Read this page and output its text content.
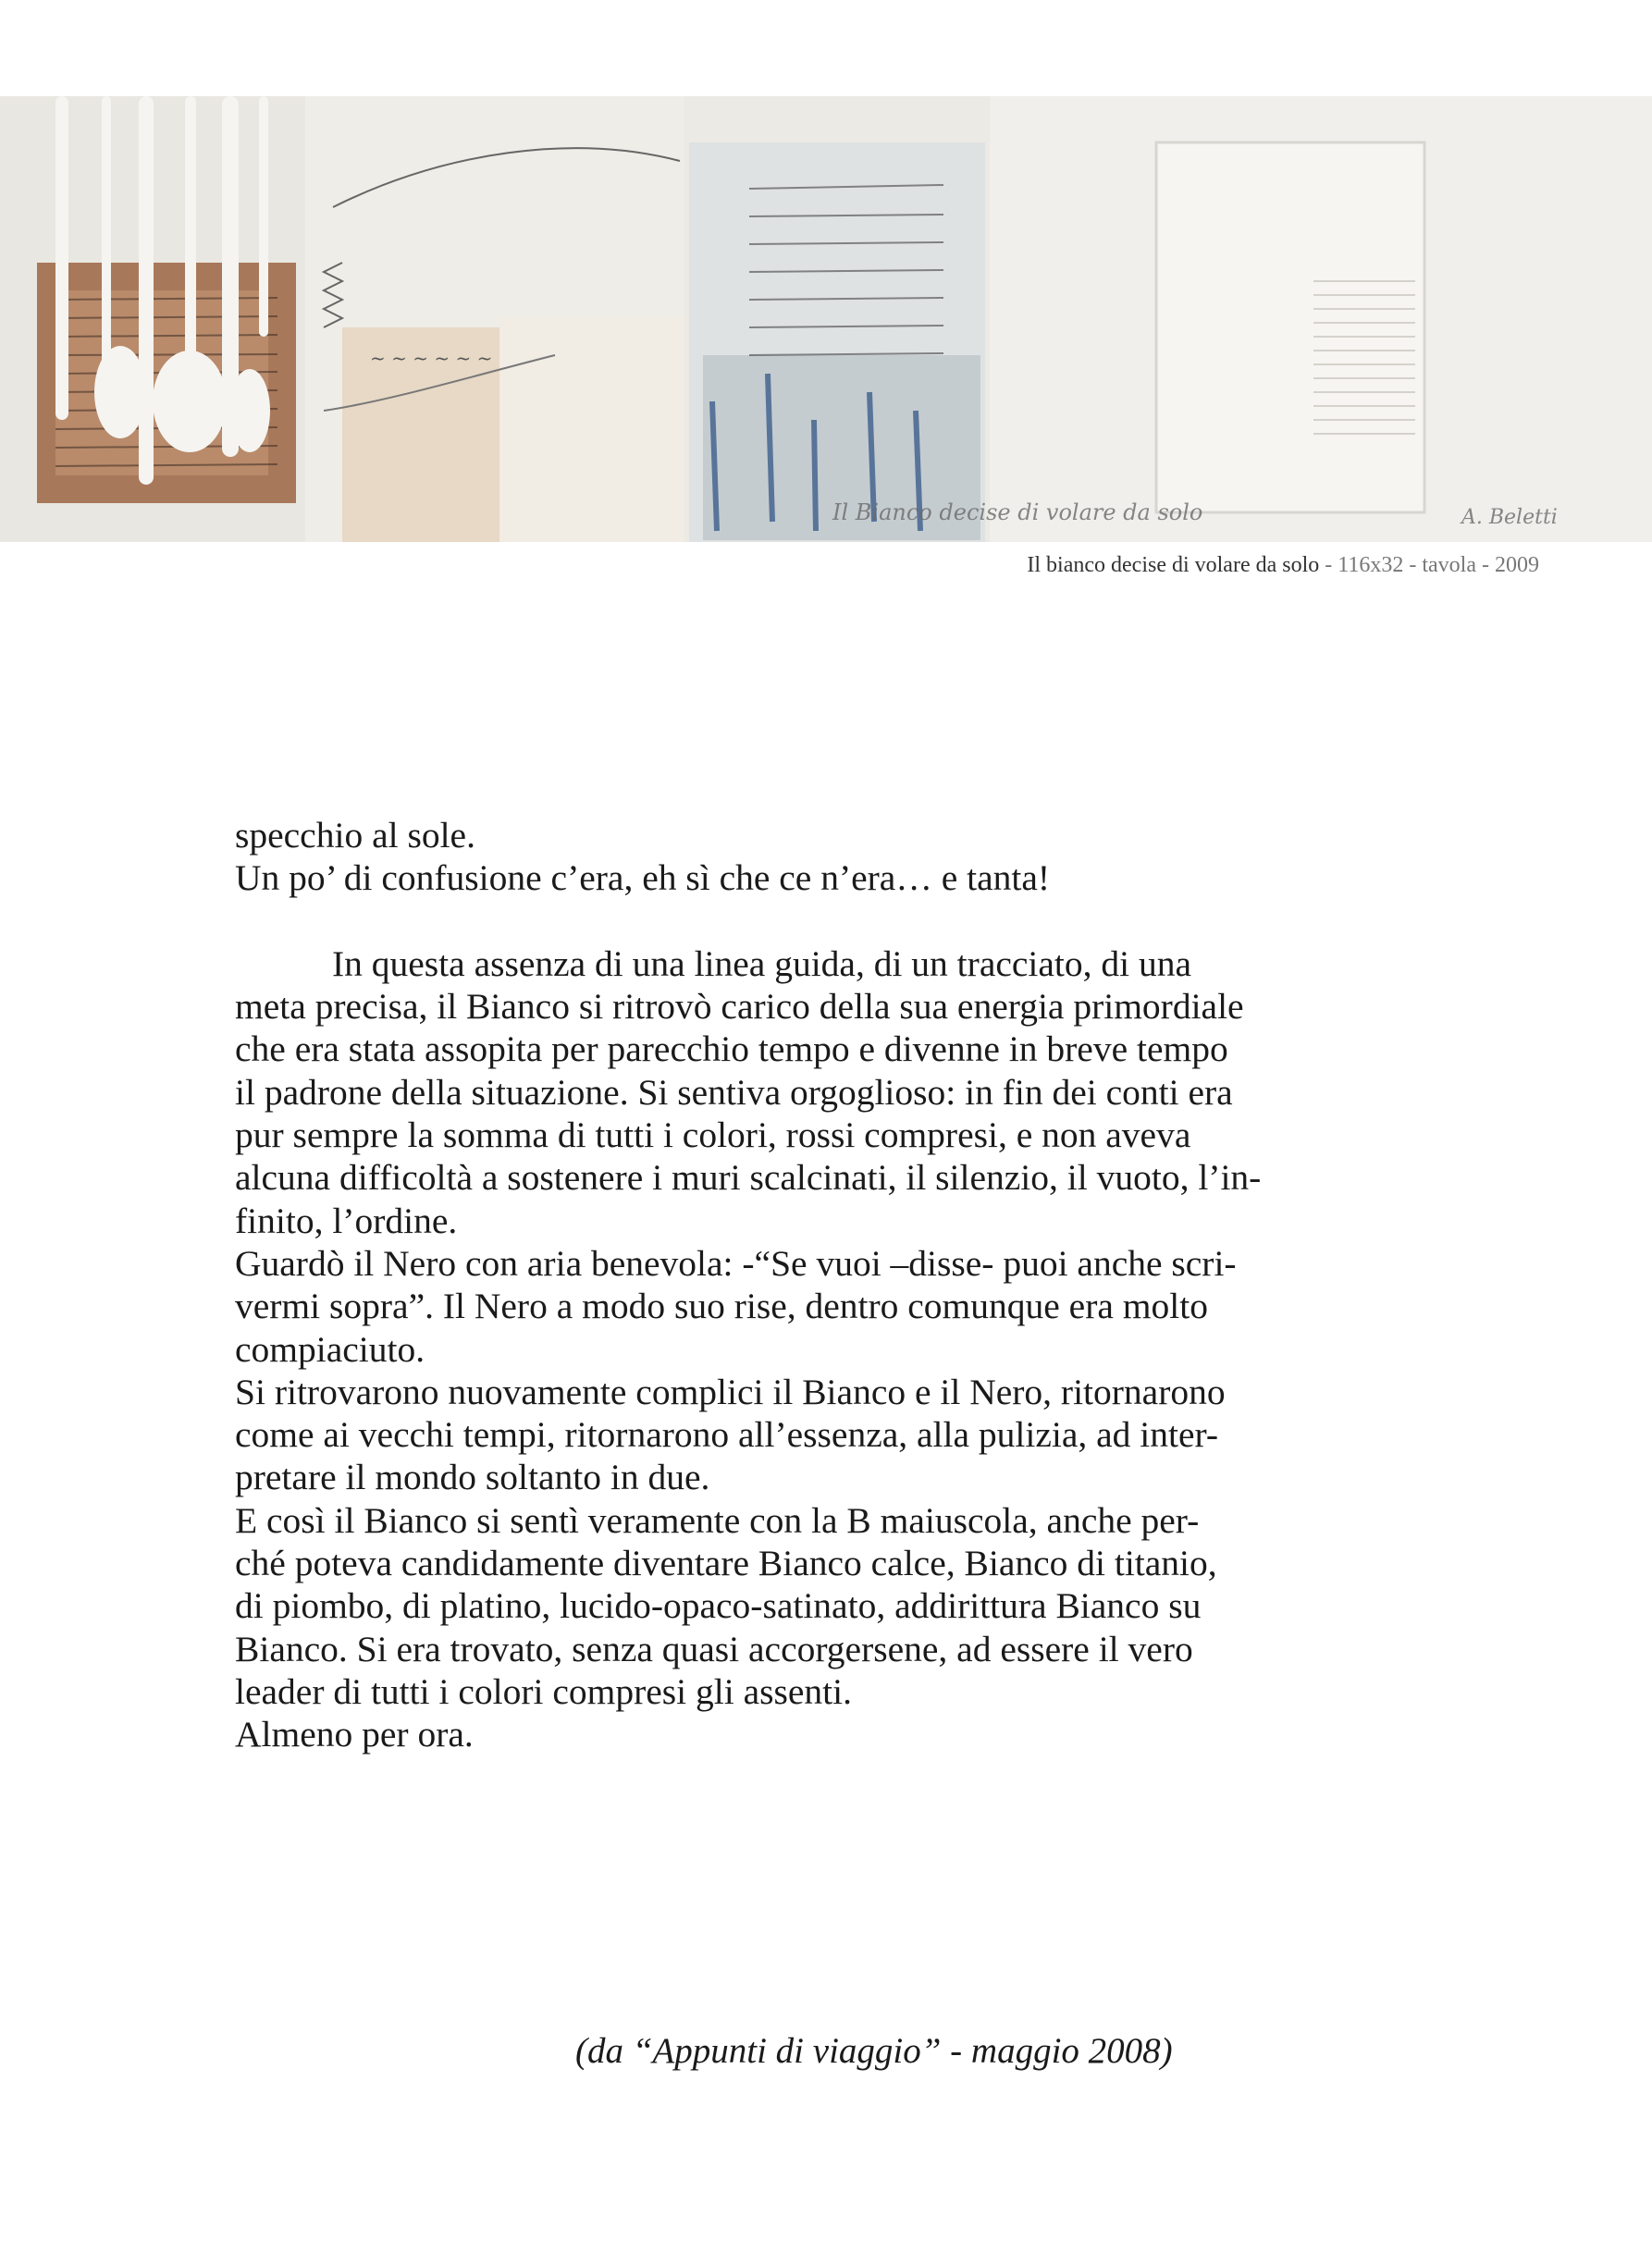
~ ~ ~ ~ ~ ~
Il Bianco decise di volare da solo	A. Beletti
Il bianco decise di volare da solo - 116x32 - tavola - 2009
specchio al sole.
Un po’ di confusione c’era, eh sì che ce n’era… e tanta!
In questa assenza di una linea guida, di un tracciato, di una
meta precisa, il Bianco si ritrovò carico della sua energia primordiale
che era stata assopita per parecchio tempo e divenne in breve tempo
il padrone della situazione. Si sentiva orgoglioso: in fin dei conti era
pur sempre la somma di tutti i colori, rossi compresi, e non aveva
alcuna difficoltà a sostenere i muri scalcinati, il silenzio, il vuoto, l’in-
finito, l’ordine.
Guardò il Nero con aria benevola: -“Se vuoi –disse- puoi anche scri-
vermi sopra”. Il Nero a modo suo rise, dentro comunque era molto
compiaciuto.
Si ritrovarono nuovamente complici il Bianco e il Nero, ritornarono
come ai vecchi tempi, ritornarono all’essenza, alla pulizia, ad inter-
pretare il mondo soltanto in due.
E così il Bianco si sentì veramente con la B maiuscola, anche per-
ché poteva candidamente diventare Bianco calce, Bianco di titanio,
di piombo, di platino, lucido-opaco-satinato, addirittura Bianco su
Bianco. Si era trovato, senza quasi accorgersene, ad essere il vero
leader di tutti i colori compresi gli assenti.
Almeno per ora.
(da “Appunti di viaggio” - maggio 2008)
